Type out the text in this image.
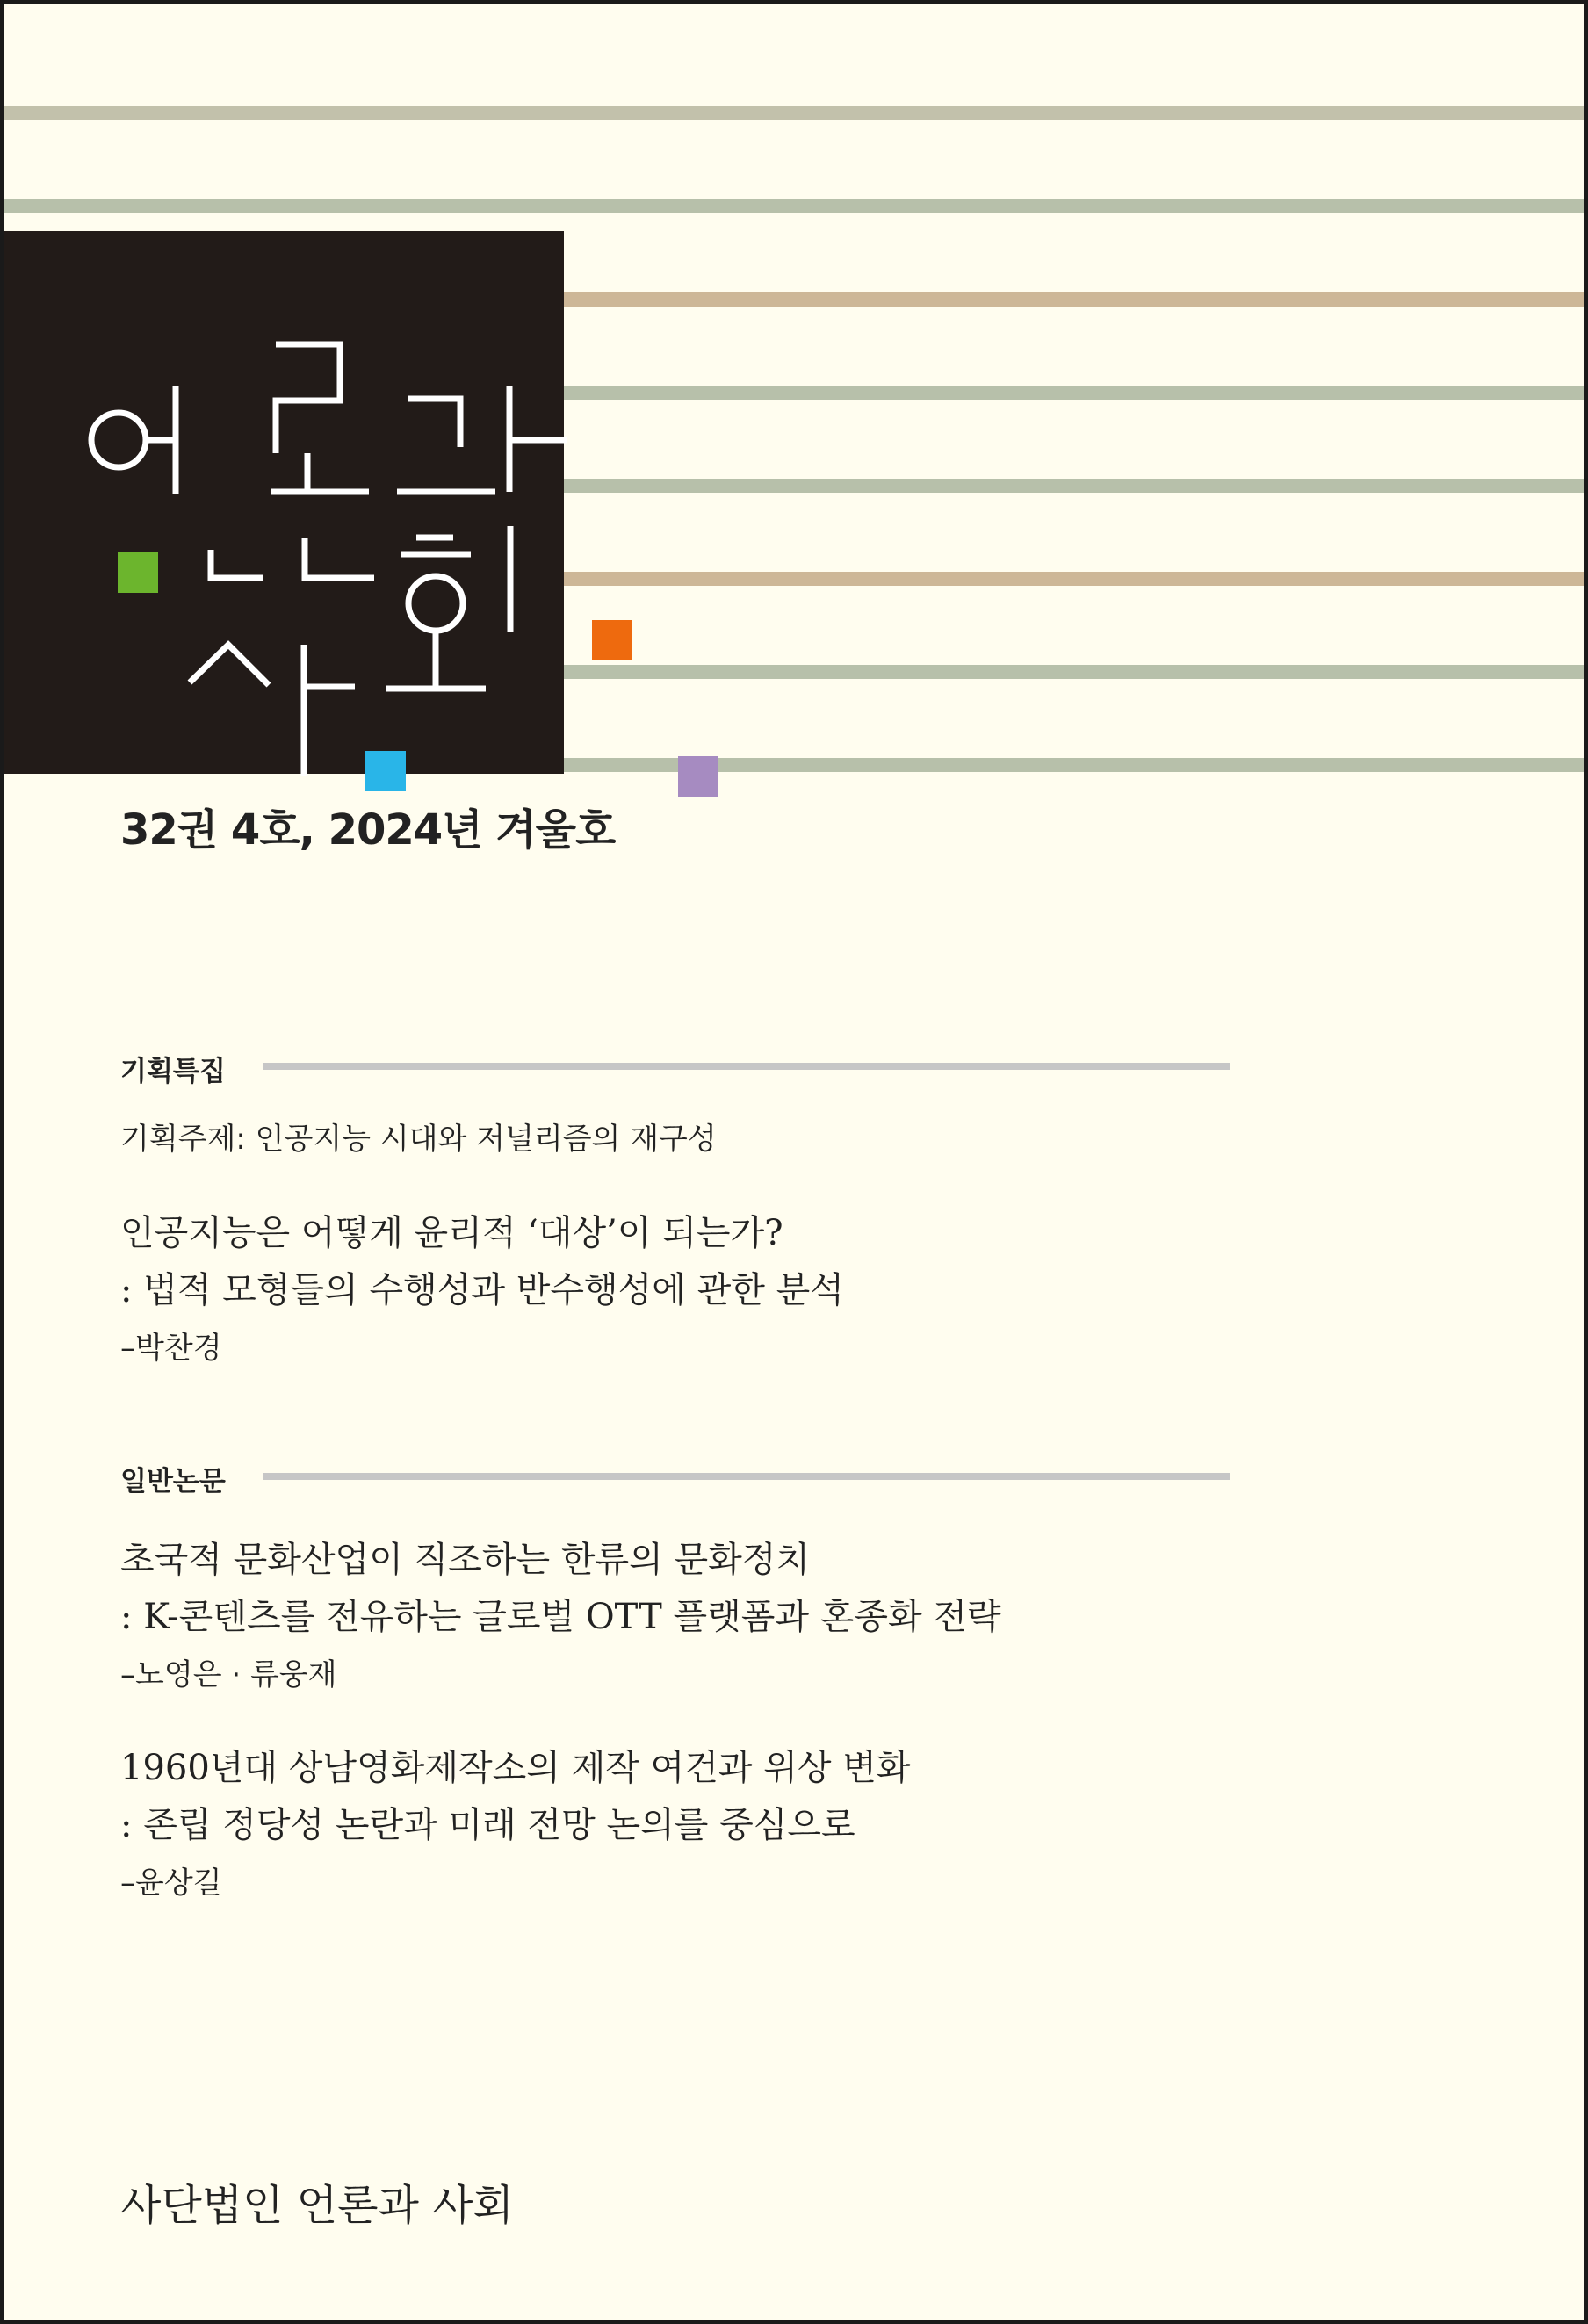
32권 4호, 2024년 겨울호
기획특집
기획주제: 인공지능 시대와 저널리즘의 재구성
인공지능은 어떻게 윤리적 ‘대상’이 되는가?
: 법적 모형들의 수행성과 반수행성에 관한 분석
–박찬경
일반논문
초국적 문화산업이 직조하는 한류의 문화정치
: K-콘텐츠를 전유하는 글로벌 OTT 플랫폼과 혼종화 전략
–노영은 · 류웅재
1960년대 상남영화제작소의 제작 여건과 위상 변화
: 존립 정당성 논란과 미래 전망 논의를 중심으로
–윤상길
사단법인 언론과 사회
